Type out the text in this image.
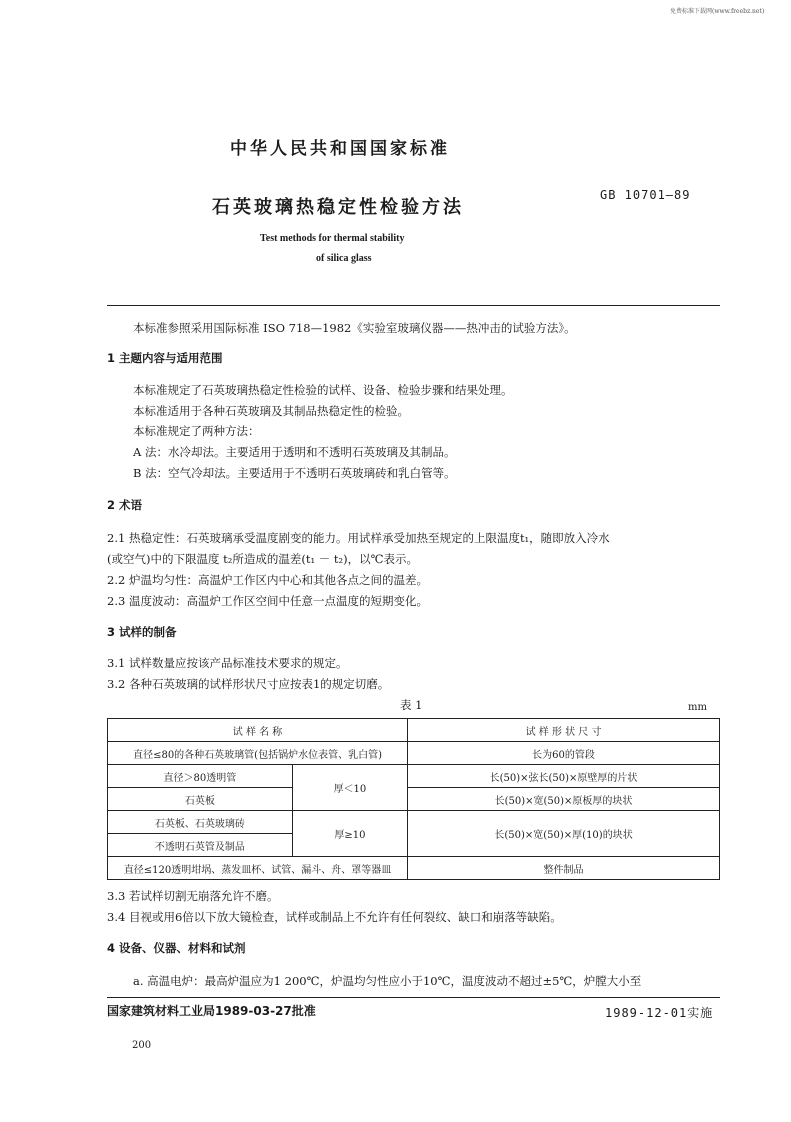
免费标准下载网(www.freebz.net)
中华人民共和国国家标准
石英玻璃热稳定性检验方法
GB 10701—89
Test methods for thermal stability
of silica glass
本标准参照采用国际标准 ISO 718—1982《实验室玻璃仪器——热冲击的试验方法》。
1 主题内容与适用范围
本标准规定了石英玻璃热稳定性检验的试样、设备、检验步骤和结果处理。
本标准适用于各种石英玻璃及其制品热稳定性的检验。
本标准规定了两种方法：
A 法：水冷却法。主要适用于透明和不透明石英玻璃及其制品。
B 法：空气冷却法。主要适用于不透明石英玻璃砖和乳白管等。
2 术语
2.1 热稳定性：石英玻璃承受温度剧变的能力。用试样承受加热至规定的上限温度t₁，随即放入冷水
(或空气)中的下限温度 t₂所造成的温差(t₁ － t₂)，以℃表示。
2.2 炉温均匀性：高温炉工作区内中心和其他各点之间的温差。
2.3 温度波动：高温炉工作区空间中任意一点温度的短期变化。
3 试样的制备
3.1 试样数量应按该产品标准技术要求的规定。
3.2 各种石英玻璃的试样形状尺寸应按表1的规定切磨。
表 1	mm
试 样 名 称		试 样 形 状 尺 寸
直径≤80的各种石英玻璃管(包括锅炉水位表管、乳白管)		长为60的管段
直径＞80透明管	厚＜10	长(50)×弦长(50)×原壁厚的片状
石英板		长(50)×宽(50)×原板厚的块状
石英板、石英玻璃砖	厚≥10	长(50)×宽(50)×厚(10)的块状
不透明石英管及制品		
直径≤120透明坩埚、蒸发皿杯、试管、漏斗、舟、罩等器皿		整件制品
3.3 若试样切割无崩落允许不磨。
3.4 目视或用6倍以下放大镜检查，试样或制品上不允许有任何裂纹、缺口和崩落等缺陷。
4 设备、仪器、材料和试剂
a. 高温电炉：最高炉温应为1 200℃，炉温均匀性应小于10℃，温度波动不超过±5℃，炉膛大小至
国家建筑材料工业局1989-03-27批准	1989-12-01实施
200
